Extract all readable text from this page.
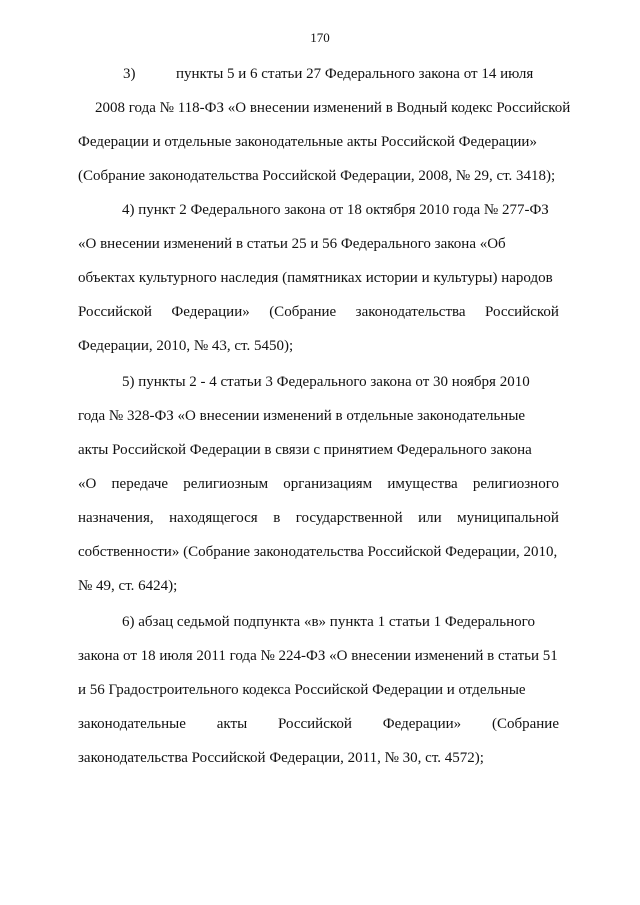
170
3)	пункты 5 и 6 статьи 27 Федерального закона от 14 июля
2008 года № 118-ФЗ «О внесении изменений в Водный кодекс Российской
Федерации и отдельные законодательные акты Российской Федерации»
(Собрание законодательства Российской Федерации, 2008, № 29, ст. 3418);
4) пункт 2 Федерального закона от 18 октября 2010 года № 277-ФЗ
«О внесении изменений в статьи 25 и 56 Федерального закона «Об
объектах культурного наследия (памятниках истории и культуры) народов
Российской Федерации» (Собрание законодательства Российской
Федерации, 2010, № 43, ст. 5450);
5) пункты 2 - 4 статьи 3 Федерального закона от 30 ноября 2010
года № 328-ФЗ «О внесении изменений в отдельные законодательные
акты Российской Федерации в связи с принятием Федерального закона
«О передаче религиозным организациям имущества религиозного
назначения, находящегося в государственной или муниципальной
собственности» (Собрание законодательства Российской Федерации, 2010,
№ 49, ст. 6424);
6) абзац седьмой подпункта «в» пункта 1 статьи 1 Федерального
закона от 18 июля 2011 года № 224-ФЗ «О внесении изменений в статьи 51
и 56 Градостроительного кодекса Российской Федерации и отдельные
законодательные акты Российской Федерации» (Собрание
законодательства Российской Федерации, 2011, № 30, ст. 4572);
